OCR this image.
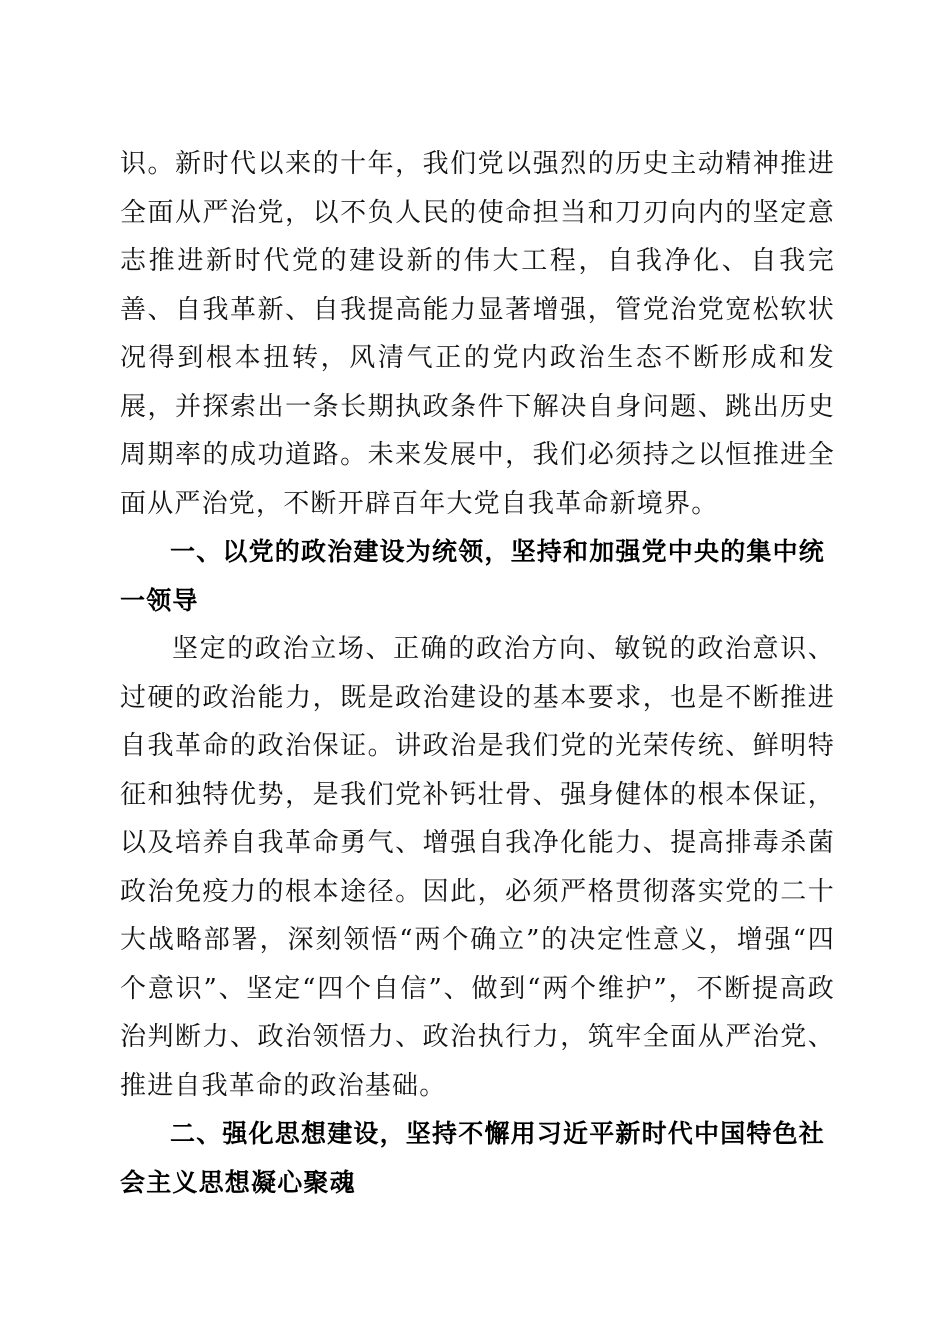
识。新时代以来的十年，我们党以强烈的历史主动精神推进全面从严治党，以不负人民的使命担当和刀刃向内的坚定意志推进新时代党的建设新的伟大工程，自我净化、自我完善、自我革新、自我提高能力显著增强，管党治党宽松软状况得到根本扭转，风清气正的党内政治生态不断形成和发展，并探索出一条长期执政条件下解决自身问题、跳出历史周期率的成功道路。未来发展中，我们必须持之以恒推进全面从严治党，不断开辟百年大党自我革命新境界。

一、以党的政治建设为统领，坚持和加强党中央的集中统一领导

坚定的政治立场、正确的政治方向、敏锐的政治意识、过硬的政治能力，既是政治建设的基本要求，也是不断推进自我革命的政治保证。讲政治是我们党的光荣传统、鲜明特征和独特优势，是我们党补钙壮骨、强身健体的根本保证，以及培养自我革命勇气、增强自我净化能力、提高排毒杀菌政治免疫力的根本途径。因此，必须严格贯彻落实党的二十大战略部署，深刻领悟“两个确立”的决定性意义，增强“四个意识”、坚定“四个自信”、做到“两个维护”，不断提高政治判断力、政治领悟力、政治执行力，筑牢全面从严治党、推进自我革命的政治基础。

二、强化思想建设，坚持不懈用习近平新时代中国特色社会主义思想凝心聚魂
